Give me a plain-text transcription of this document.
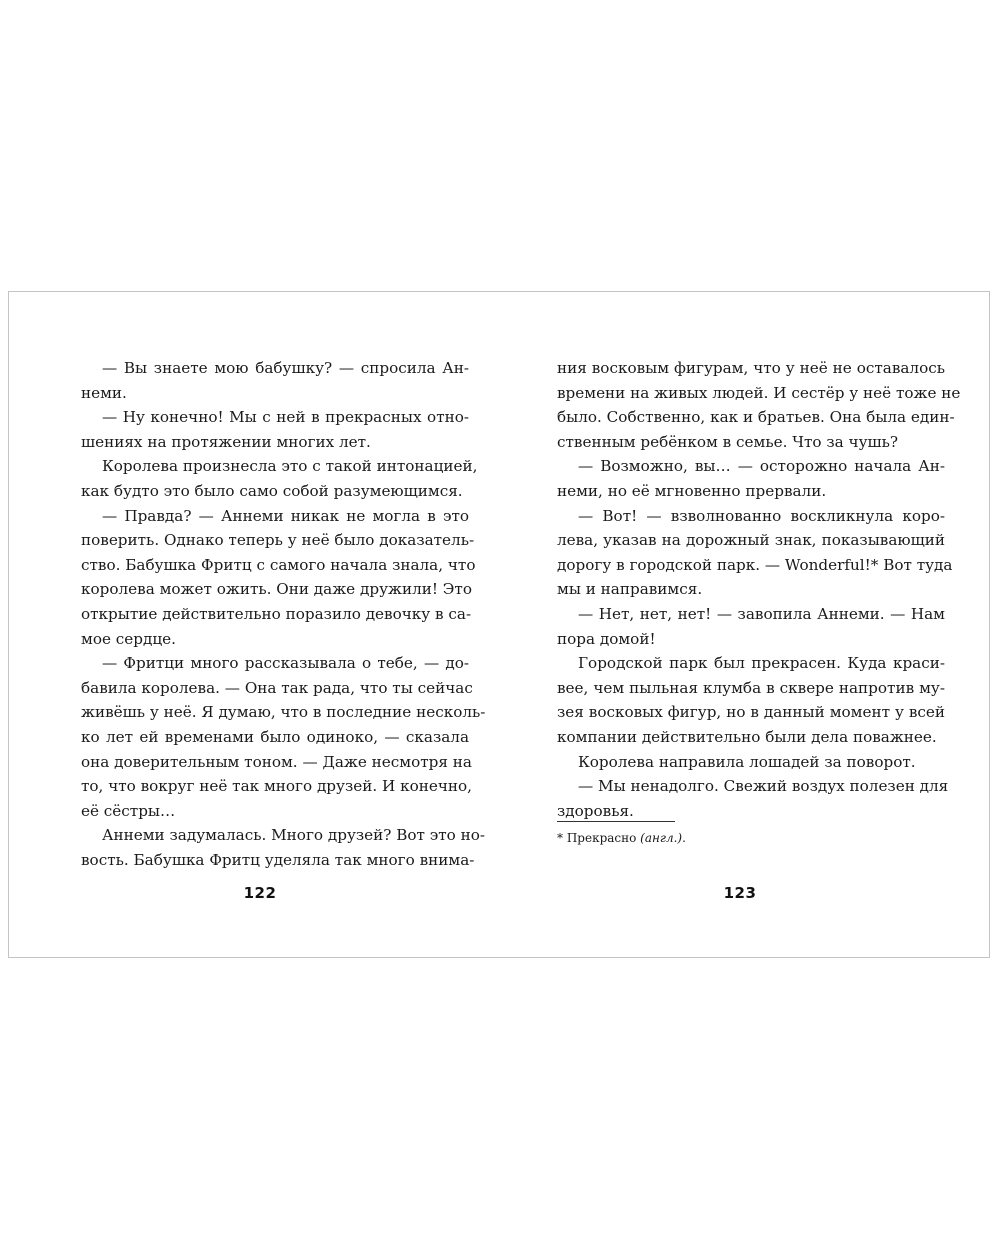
— Вы знаете мою бабушку? — спросила Ан-
неми.
— Ну конечно! Мы с ней в прекрасных отно-
шениях на протяжении многих лет.
Королева произнесла это с такой интонацией,
как будто это было само собой разумеющимся.
— Правда? — Аннеми никак не могла в это
поверить. Однако теперь у неё было доказатель-
ство. Бабушка Фритц с самого начала знала, что
королева может ожить. Они даже дружили! Это
открытие действительно поразило девочку в са-
мое сердце.
— Фритци много рассказывала о тебе, — до-
бавила королева. — Она так рада, что ты сейчас
живёшь у неё. Я думаю, что в последние несколь-
ко лет ей временами было одиноко, — сказала
она доверительным тоном. — Даже несмотря на
то, что вокруг неё так много друзей. И конечно,
её сёстры…
Аннеми задумалась. Много друзей? Вот это но-
вость. Бабушка Фритц уделяла так много внима-
ния восковым фигурам, что у неё не оставалось
времени на живых людей. И сестёр у неё тоже не
было. Собственно, как и братьев. Она была един-
ственным ребёнком в семье. Что за чушь?
— Возможно, вы… — осторожно начала Ан-
неми, но её мгновенно прервали.
— Вот! — взволнованно воскликнула коро-
лева, указав на дорожный знак, показывающий
дорогу в городской парк. — Wonderful!* Вот туда
мы и направимся.
— Нет, нет, нет! — завопила Аннеми. — Нам
пора домой!
Городской парк был прекрасен. Куда краси-
вее, чем пыльная клумба в сквере напротив му-
зея восковых фигур, но в данный момент у всей
компании действительно были дела поважнее.
Королева направила лошадей за поворот.
— Мы ненадолго. Свежий воздух полезен для
здоровья.
* Прекрасно (англ.).
122	123
